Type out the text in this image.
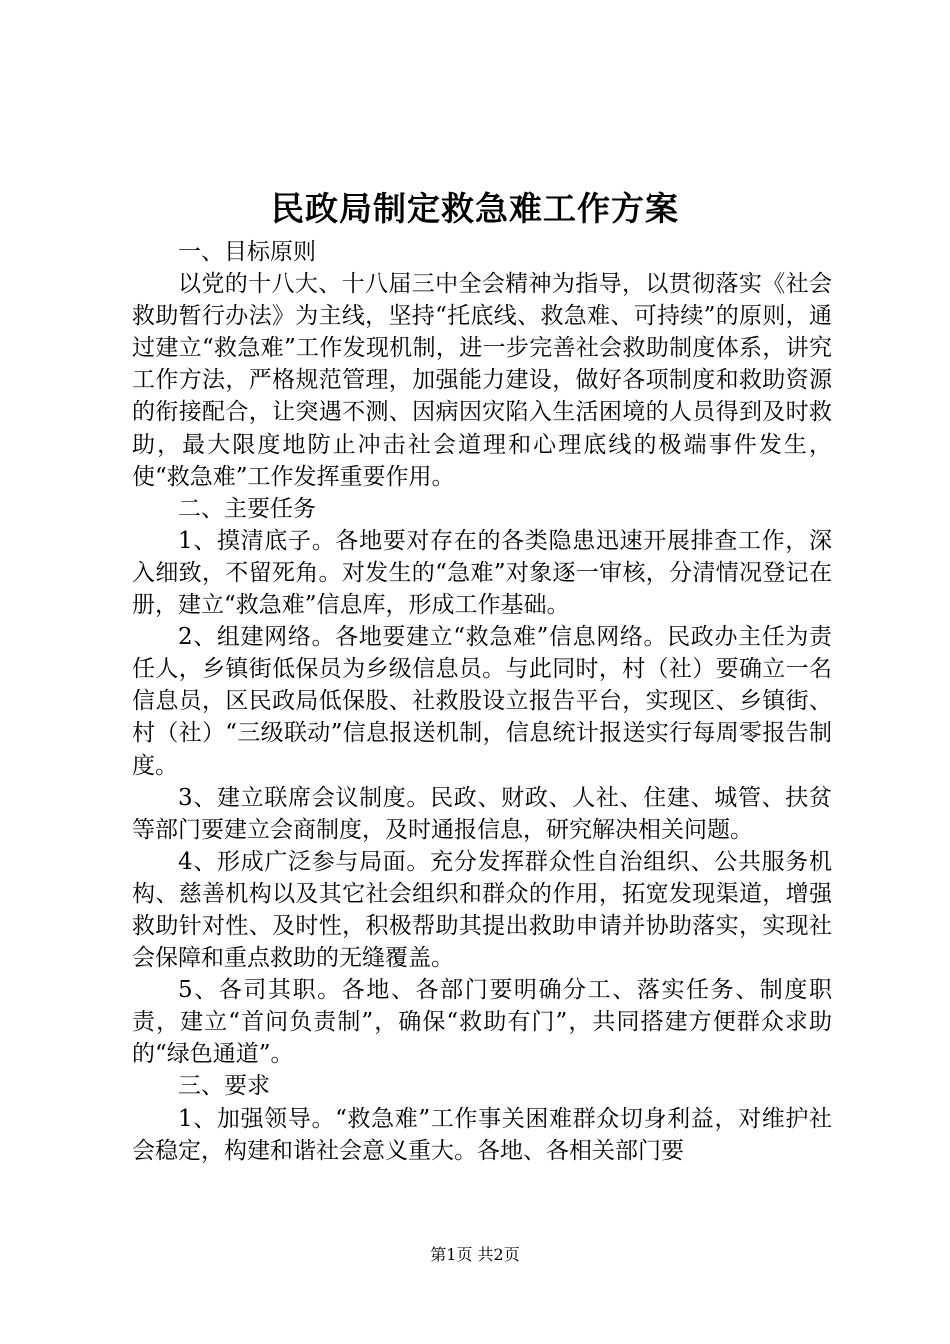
民政局制定救急难工作方案

一、目标原则

以党的十八大、十八届三中全会精神为指导，以贯彻落实《社会救助暂行办法》为主线，坚持“托底线、救急难、可持续”的原则，通过建立“救急难”工作发现机制，进一步完善社会救助制度体系，讲究工作方法，严格规范管理，加强能力建设，做好各项制度和救助资源的衔接配合，让突遇不测、因病因灾陷入生活困境的人员得到及时救助，最大限度地防止冲击社会道理和心理底线的极端事件发生，使“救急难”工作发挥重要作用。

二、主要任务

1、摸清底子。各地要对存在的各类隐患迅速开展排查工作，深入细致，不留死角。对发生的“急难”对象逐一审核，分清情况登记在册，建立“救急难”信息库，形成工作基础。

2、组建网络。各地要建立“救急难”信息网络。民政办主任为责任人，乡镇街低保员为乡级信息员。与此同时，村（社）要确立一名信息员，区民政局低保股、社救股设立报告平台，实现区、乡镇街、村（社）“三级联动”信息报送机制，信息统计报送实行每周零报告制度。

3、建立联席会议制度。民政、财政、人社、住建、城管、扶贫等部门要建立会商制度，及时通报信息，研究解决相关问题。

4、形成广泛参与局面。充分发挥群众性自治组织、公共服务机构、慈善机构以及其它社会组织和群众的作用，拓宽发现渠道，增强救助针对性、及时性，积极帮助其提出救助申请并协助落实，实现社会保障和重点救助的无缝覆盖。

5、各司其职。各地、各部门要明确分工、落实任务、制度职责，建立“首问负责制”，确保“救助有门”，共同搭建方便群众求助的“绿色通道”。

三、要求

1、加强领导。“救急难”工作事关困难群众切身利益，对维护社会稳定，构建和谐社会意义重大。各地、各相关部门要

第1页 共2页
